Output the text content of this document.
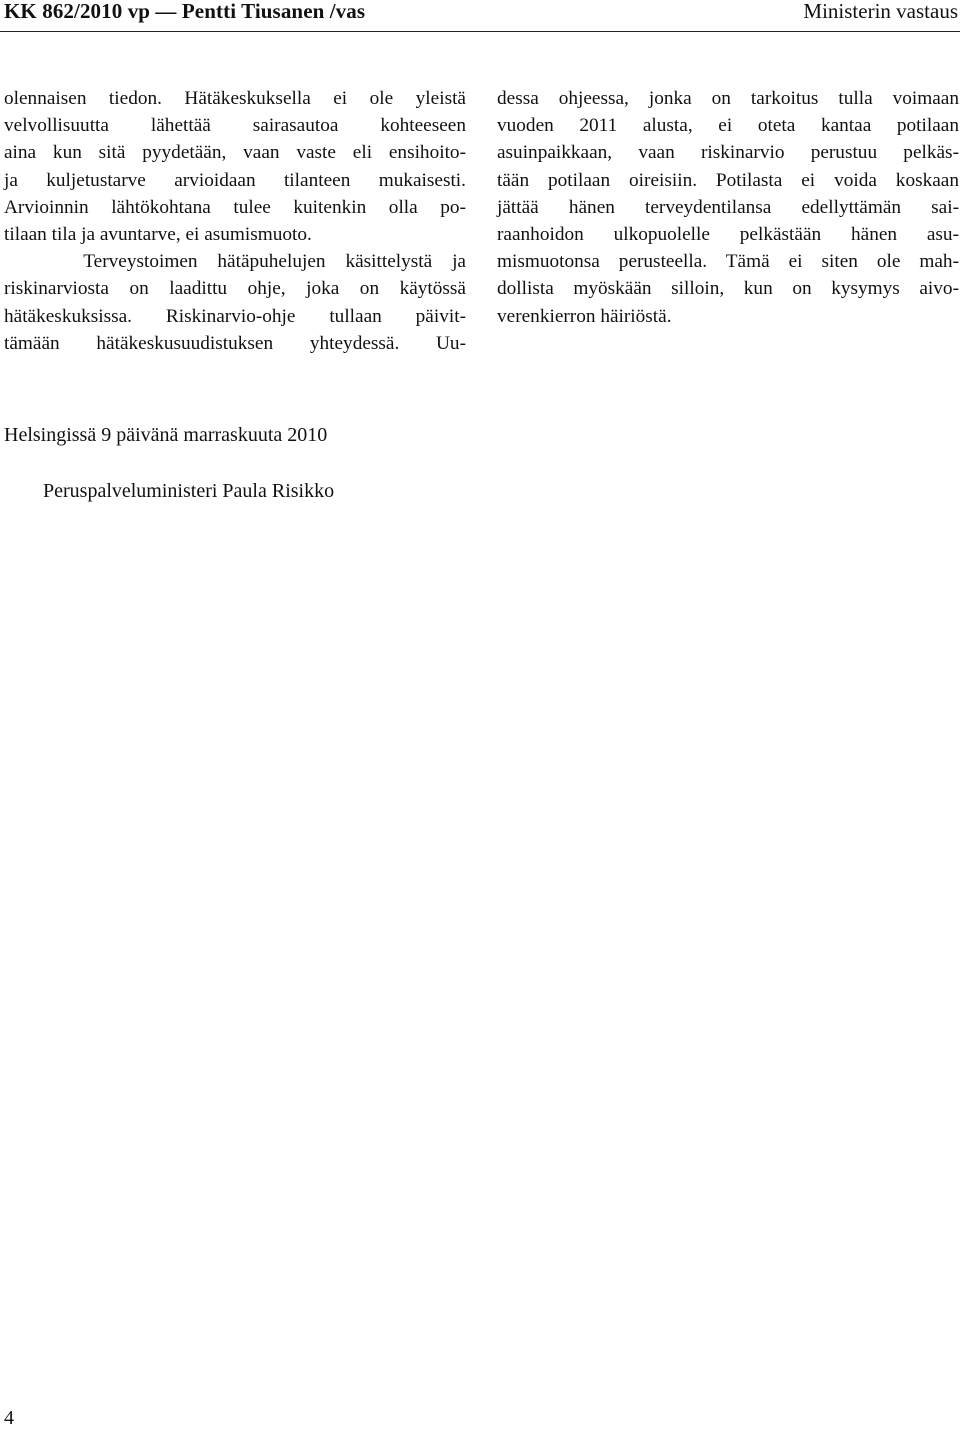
KK 862/2010 vp — Pentti Tiusanen /vas	Ministerin vastaus
olennaisen tiedon. Hätäkeskuksella ei ole yleistä
velvollisuutta lähettää sairasautoa kohteeseen
aina kun sitä pyydetään, vaan vaste eli ensihoito-
ja kuljetustarve arvioidaan tilanteen mukaisesti.
Arvioinnin lähtökohtana tulee kuitenkin olla po-
tilaan tila ja avuntarve, ei asumismuoto.
Terveystoimen hätäpuhelujen käsittelystä ja
riskinarviosta on laadittu ohje, joka on käytössä
hätäkeskuksissa. Riskinarvio-ohje tullaan päivit-
tämään hätäkeskusuudistuksen yhteydessä. Uu-
dessa ohjeessa, jonka on tarkoitus tulla voimaan
vuoden 2011 alusta, ei oteta kantaa potilaan
asuinpaikkaan, vaan riskinarvio perustuu pelkäs-
tään potilaan oireisiin. Potilasta ei voida koskaan
jättää hänen terveydentilansa edellyttämän sai-
raanhoidon ulkopuolelle pelkästään hänen asu-
mismuotonsa perusteella. Tämä ei siten ole mah-
dollista myöskään silloin, kun on kysymys aivo-
verenkierron häiriöstä.
Helsingissä 9 päivänä marraskuuta 2010
Peruspalveluministeri Paula Risikko
4
